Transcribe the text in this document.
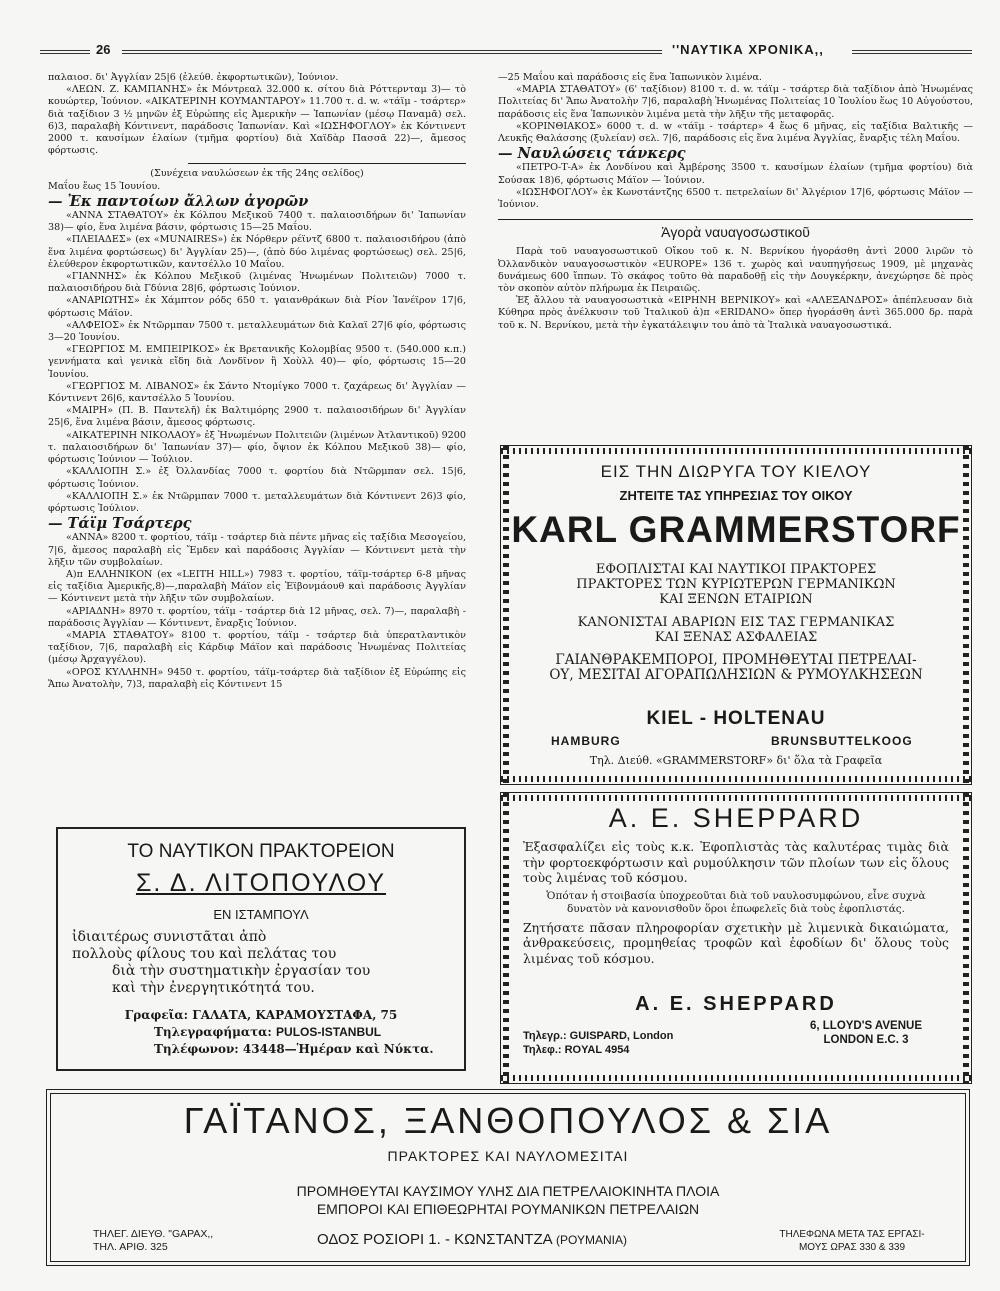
26	''ΝΑΥΤΙΚΑ ΧΡΟΝΙΚΑ,,

παλαιοσ. δι' Ἀγγλίαν 25|6 (ἐλεύθ. ἐκφορτωτικῶν), Ἰούνιον.

«ΛΕΩΝ. Ζ. ΚΑΜΠΑΝΗΣ» ἐκ Μόντρεαλ 32.000 κ. σίτου διὰ Ρόττερνταμ 3)— τὸ κουώρτερ, Ἰούνιον. «ΑΙΚΑΤΕΡΙΝΗ ΚΟΥΜΑΝΤΑΡΟΥ» 11.700 τ. d. w. «τάϊμ - τσάρτερ» διὰ ταξίδιον 3 ½ μηνῶν ἐξ Εὐρώπης εἰς Ἀμερικὴν — Ἰαπωνίαν (μέσῳ Παναμᾶ) σελ. 6)3, παραλαβὴ Κόντινεντ, παράδοσις Ἰαπωνίαν. Καὶ «ΙΩΣΗΦΟΓΛΟΥ» ἐκ Κόντινεντ 2000 τ. καυσίμων ἐλαίων (τμῆμα φορτίου) διὰ Χαϊδὰρ Πασσᾶ 22)—, ἄμεσος φόρτωσις.

(Συνέχεια ναυλώσεων ἐκ τῆς 24ης σελίδος)

Μαΐου ἕως 15 Ἰουνίου.

— Ἐκ παντοίων ἄλλων ἀγορῶν

«ΑΝΝΑ ΣΤΑΘΑΤΟΥ» ἐκ Κόλπου Μεξικοῦ 7400 τ. παλαιοσιδήρων δι' Ἰαπωνίαν 38)— φίο, ἕνα λιμένα βάσιν, φόρτωσις 15—25 Μαΐου.

«ΠΛΕΙΑΔΕΣ» (ex «MUNAIRES») ἐκ Νόρθερν ρέϊντζ 6800 τ. παλαιοσιδήρου (ἀπὸ ἕνα λιμένα φορτώσεως) δι' Ἀγγλίαν 25)—, (ἀπὸ δύο λιμένας φορτώσεως) σελ. 25|6, ἐλεύθερον ἐκφορτωτικῶν, καντσέλλο 10 Μαΐου.

«ΓΙΑΝΝΗΣ» ἐκ Κόλπου Μεξικοῦ (λιμένας Ἡνωμένων Πολιτειῶν) 7000 τ. παλαιοσιδήρου διὰ Γδύνια 28|6, φόρτωσις Ἰούνιον.

«ΑΝΑΡΙΩΤΗΣ» ἐκ Χάμπτον ρόδς 650 τ. γαιανθράκων διὰ Ρίον Ἰανέϊρον 17|6, φόρτωσις Μάϊον.

«ΑΛΦΕΙΟΣ» ἐκ Ντῶρμπαν 7500 τ. μεταλλευμάτων διὰ Καλαϊ 27|6 φίο, φόρτωσις 3—20 Ἰουνίου.

«ΓΕΩΡΓΙΟΣ Μ. ΕΜΠΕΙΡΙΚΟΣ» ἐκ Βρετανικῆς Κολομβίας 9500 τ. (540.000 κ.π.) γεννήματα καὶ γενικὰ εἴδη διὰ Λονδῖνον ἢ Χοὺλλ 40)— φίο, φόρτωσις 15—20 Ἰουνίου.

«ΓΕΩΡΓΙΟΣ Μ. ΛΙΒΑΝΟΣ» ἐκ Σάντο Ντομίγκο 7000 τ. ζαχάρεως δι' Ἀγγλίαν — Κόντινεντ 26|6, καντσέλλο 5 Ἰουνίου.

«ΜΑΙΡΗ» (Π. Β. Παντελῆ) ἐκ Βαλτιμόρης 2900 τ. παλαιοσιδήρων δι' Ἀγγλίαν 25|6, ἕνα λιμένα βάσιν, ἄμεσος φόρτωσις.

«ΑΙΚΑΤΕΡΙΝΗ ΝΙΚΟΛΑΟΥ» ἐξ Ἡνωμένων Πολιτειῶν (λιμένων Ἀτλαντικοῦ) 9200 τ. παλαιοσιδήρων δι' Ἰαπωνίαν 37)— φίο, ὄψιον ἐκ Κόλπου Μεξικοῦ 38)— φίο, φόρτωσις Ἰούνιον — Ἰούλιον.

«ΚΑΛΛΙΟΠΗ Σ.» ἐξ Ὀλλανδίας 7000 τ. φορτίου διὰ Ντῶρμπαν σελ. 15|6, φόρτωσις Ἰούνιον.

«ΚΑΛΛΙΟΠΗ Σ.» ἐκ Ντῶρμπαν 7000 τ. μεταλλευμάτων διὰ Κόντινεντ 26)3 φίο, φόρτωσις Ἰούλιον.

— Τάϊμ Τσάρτερς

«ΑΝΝΑ» 8200 τ. φορτίου, τάϊμ - τσάρτερ διὰ πέντε μῆνας εἰς ταξίδια Μεσογείου, 7|6, ἄμεσος παραλαβὴ εἰς Ἔμδεν καὶ παράδοσις Ἀγγλίαν — Κόντινεντ μετὰ τὴν λῆξιν τῶν συμβολαίων.

Α)π ΕΛΛΗΝΙΚΟΝ (ex «LEITH HILL») 7983 τ. φορτίου, τάϊμ-τσάρτερ 6-8 μῆνας εἰς ταξίδια Ἀμερικῆς,8)—,παραλαβὴ Μάϊον εἰς Ἐϊβονμάουθ καὶ παράδοσις Ἀγγλίαν — Κόντινεντ μετὰ τὴν λῆξιν τῶν συμβολαίων.

«ΑΡΙΑΔΝΗ» 8970 τ. φορτίου, τάϊμ - τσάρτερ διὰ 12 μῆνας, σελ. 7)—, παραλαβὴ - παράδοσις Ἀγγλίαν — Κόντινεντ, ἔναρξις Ἰούνιον.

«ΜΑΡΙΑ ΣΤΑΘΑΤΟΥ» 8100 τ. φορτίου, τάϊμ - τσάρτερ διὰ ὑπερατλαντικὸν ταξίδιον, 7|6, παραλαβὴ εἰς Κάρδιφ Μάϊον καὶ παράδοσις Ἡνωμένας Πολιτείας (μέσῳ Ἀρχαγγέλου).

«ΟΡΟΣ ΚΥΛΛΗΝΗ» 9450 τ. φορτίου, τάϊμ-τσάρτερ διὰ ταξίδιον ἐξ Εὐρώπης εἰς Ἄπω Ἀνατολὴν, 7)3, παραλαβὴ εἰς Κόντινεντ 15

—25 Μαΐου καὶ παράδοσις εἰς ἕνα Ἰαπωνικὸν λιμένα.

«ΜΑΡΙΑ ΣΤΑΘΑΤΟΥ» (6' ταξίδιον) 8100 τ. d. w. τάϊμ - τσάρτερ διὰ ταξίδιον ἀπὸ Ἡνωμένας Πολιτείας δι' Ἄπω Ἀνατολὴν 7|6, παραλαβὴ Ἡνωμένας Πολιτείας 10 Ἰουλίου ἕως 10 Αὐγούστου, παράδοσις εἰς ἕνα Ἰαπωνικὸν λιμένα μετὰ τὴν λῆξιν τῆς μεταφορᾶς.

«ΚΟΡΙΝΘΙΑΚΟΣ» 6000 τ. d. w «τάϊμ - τσάρτερ» 4 ἕως 6 μῆνας, εἰς ταξίδια Βαλτικῆς — Λευκῆς Θαλάσσης (ξυλείαν) σελ. 7|6, παράδοσις εἰς ἕνα λιμένα Ἀγγλίας, ἔναρξις τέλη Μαΐου.

— Ναυλώσεις τάνκερς

«ΠΕΤΡΟ-Τ-Α» ἐκ Λονδίνου καὶ Ἀμβέρσης 3500 τ. καυσίμων ἐλαίων (τμῆμα φορτίου) διὰ Σούσακ 18)6, φόρτωσις Μάϊον — Ἰούνιον.

«ΙΩΣΗΦΟΓΛΟΥ» ἐκ Κωνστάντζης 6500 τ. πετρελαίων δι' Ἀλγέριον 17|6, φόρτωσις Μάϊον — Ἰούνιον.

Ἀγορὰ ναυαγοσωστικοῦ

Παρὰ τοῦ ναυαγοσωστικοῦ Οἴκου τοῦ κ. Ν. Βερνίκου ἠγοράσθη ἀντὶ 2000 λιρῶν τὸ Ὀλλανδικὸν ναυαγοσωστικὸν «EUROPE» 136 τ. χωρὸς καὶ ναυπηγήσεως 1909, μὲ μηχανὰς δυνάμεως 600 ἵππων. Τὸ σκάφος τοῦτο θὰ παραδοθῇ εἰς τὴν Δουγκέρκην, ἀνεχώρησε δὲ πρὸς τὸν σκοπὸν αὐτὸν πλήρωμα ἐκ Πειραιῶς.

Ἐξ ἄλλου τὰ ναυαγοσωστικὰ «ΕΙΡΗΝΗ ΒΕΡΝΙΚΟΥ» καὶ «ΑΛΕΞΑΝΔΡΟΣ» ἀπέπλευσαν διὰ Κύθηρα πρὸς ἀνέλκυσιν τοῦ Ἰταλικοῦ ἀ)π «ERIDANO» ὅπερ ἠγοράσθη ἀντὶ 365.000 δρ. παρὰ τοῦ κ. Ν. Βερνίκου, μετὰ τὴν ἐγκατάλειψιν του ἀπὸ τὰ Ἰταλικὰ ναυαγοσωστικά.

ΕΙΣ ΤΗΝ ΔΙΩΡΥΓΑ ΤΟΥ ΚΙΕΛΟΥ
ΖΗΤΕΙΤΕ ΤΑΣ ΥΠΗΡΕΣΙΑΣ ΤΟΥ ΟΙΚΟΥ
KARL GRAMMERSTORF
ΕΦΟΠΛΙΣΤΑΙ ΚΑΙ ΝΑΥΤΙΚΟΙ ΠΡΑΚΤΟΡΕΣ
ΠΡΑΚΤΟΡΕΣ ΤΩΝ ΚΥΡΙΩΤΕΡΩΝ ΓΕΡΜΑΝΙΚΩΝ
ΚΑΙ ΞΕΝΩΝ ΕΤΑΙΡΙΩΝ
ΚΑΝΟΝΙΣΤΑΙ ΑΒΑΡΙΩΝ ΕΙΣ ΤΑΣ ΓΕΡΜΑΝΙΚΑΣ
ΚΑΙ ΞΕΝΑΣ ΑΣΦΑΛΕΙΑΣ
ΓΑΙΑΝΘΡΑΚΕΜΠΟΡΟΙ, ΠΡΟΜΗΘΕΥΤΑΙ ΠΕΤΡΕΛΑΙ-
ΟΥ, ΜΕΣΙΤΑΙ ΑΓΟΡΑΠΩΛΗΣΙΩΝ & ΡΥΜΟΥΛΚΗΣΕΩΝ
KIEL - HOLTENAU
HAMBURG	BRUNSBUTTELKOOG
Τηλ. Διεύθ. «GRAMMERSTORF» δι' ὅλα τὰ Γραφεῖα
A. E. SHEPPARD

Ἐξασφαλίζει εἰς τοὺς κ.κ. Ἐφοπλιστὰς τὰς καλυτέρας τιμὰς διὰ τὴν φορτοεκφόρτωσιν καὶ ρυμούλκησιν τῶν πλοίων των εἰς ὅλους τοὺς λιμένας τοῦ κόσμου.

Ὁπόταν ἡ στοιβασία ὑποχρεοῦται διὰ τοῦ ναυλοσυμφώνου, εἶνε συχνὰ δυνατὸν νὰ κανονισθοῦν ὅροι ἐπωφελεῖς διὰ τοὺς ἐφοπλιστάς.

Ζητήσατε πᾶσαν πληροφορίαν σχετικὴν μὲ λιμενικὰ δικαιώματα, ἀνθρακεύσεις, προμηθείας τροφῶν καὶ ἐφοδίων δι' ὅλους τοὺς λιμένας τοῦ κόσμου.

A. E. SHEPPARD
6, LLOYD'S AVENUE
LONDON E.C. 3
Τηλεγρ.: GUISPARD, London
Τηλεφ.: ROYAL 4954
ΤΟ ΝΑΥΤΙΚΟΝ ΠΡΑΚΤΟΡΕΙΟΝ
Σ. Δ. ΛΙΤΟΠΟΥΛΟΥ
ΕΝ ΙΣΤΑΜΠΟΥΛ
ἰδιαιτέρως συνιστᾶται ἀπὸ
πολλοὺς φίλους του καὶ πελάτας του
διὰ τὴν συστηματικὴν ἐργασίαν του
καὶ τὴν ἐνεργητικότητά του.
Γραφεῖα: ΓΑΛΑΤΑ, ΚΑΡΑΜΟΥΣΤΑΦΑ, 75
Τηλεγραφήματα: PULOS-ISTANBUL
Τηλέφωνον: 43448—Ἡμέραν καὶ Νύκτα.
ΓΑΪΤΑΝΟΣ, ΞΑΝΘΟΠΟΥΛΟΣ & ΣΙΑ
ΠΡΑΚΤΟΡΕΣ ΚΑΙ ΝΑΥΛΟΜΕΣΙΤΑΙ
ΠΡΟΜΗΘΕΥΤΑΙ ΚΑΥΣΙΜΟΥ ΥΛΗΣ ΔΙΑ ΠΕΤΡΕΛΑΙΟΚΙΝΗΤΑ ΠΛΟΙΑ
ΕΜΠΟΡΟΙ ΚΑΙ ΕΠΙΘΕΩΡΗΤΑΙ ΡΟΥΜΑΝΙΚΩΝ ΠΕΤΡΕΛΑΙΩΝ
ΤΗΛΕΓ. ΔΙΕΥΘ. "GAPAX,,
ΤΗΛ. ΑΡΙΘ. 325	ΟΔΟΣ ΡΟΣΙΟΡΙ 1. - ΚΩΝΣΤΑΝΤΖΑ (ΡΟΥΜΑΝΙΑ)	ΤΗΛΕΦΩΝΑ ΜΕΤΑ ΤΑΣ ΕΡΓΑΣΙΜΟΥΣ ΩΡΑΣ 330 & 339
